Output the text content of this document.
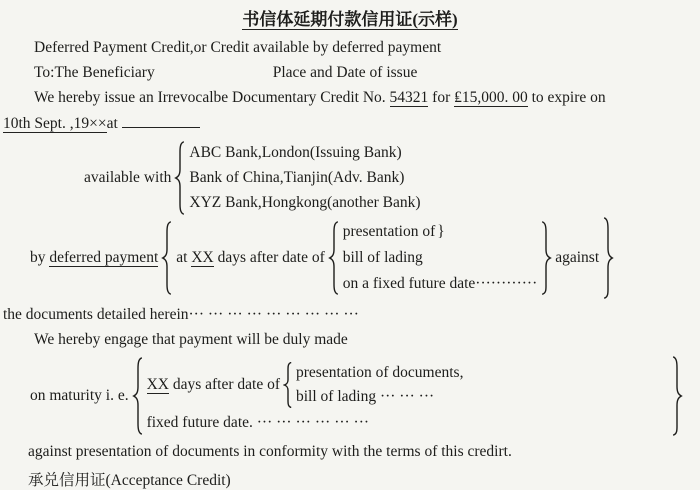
书信体延期付款信用证(示样)

Deferred Payment Credit,or Credit available by deferred payment

To:The Beneficiary	Place and Date of issue

We hereby issue an Irrevocalbe Documentary Credit No. 54321 for ₤15,000. 00 to expire on

10th Sept. ,19××at

available with
ABC Bank,London(Issuing Bank)
Bank of China,Tianjin(Adv. Bank)
XYZ Bank,Hongkong(another Bank)
by deferred payment at XX days after date of
presentation of }
bill of lading
on a fixed future date············
against

the documents detailed herein··· ··· ··· ··· ··· ··· ··· ··· ···

We hereby engage that payment will be duly made

on maturity i. e.
XX days after date of
presentation of documents,
bill of lading ··· ··· ···
fixed future date. ··· ··· ··· ··· ··· ···

against presentation of documents in conformity with the terms of this credirt.

承兑信用证(Acceptance Credit)
